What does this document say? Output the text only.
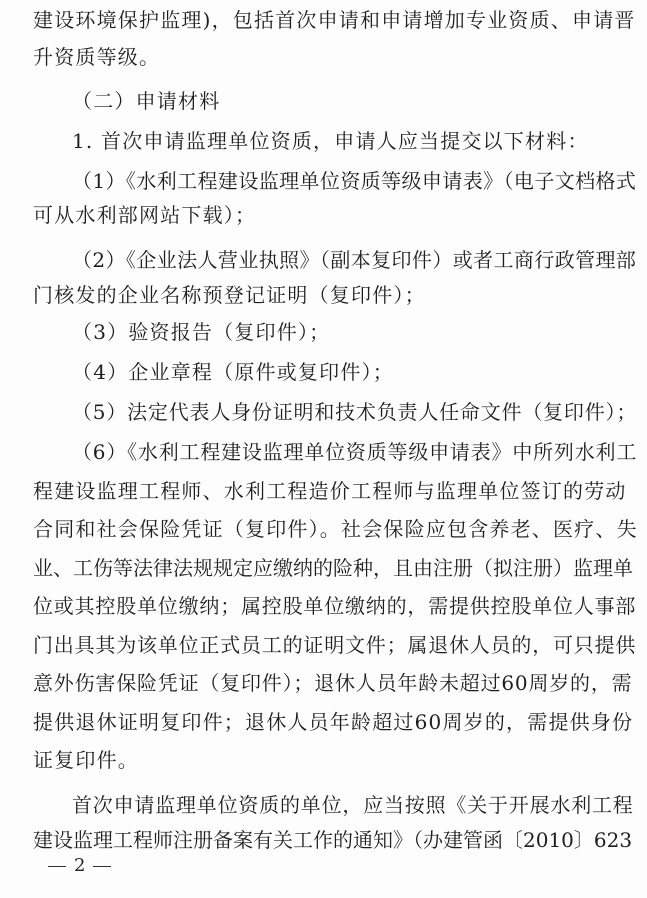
建设环境保护监理)，包括首次申请和申请增加专业资质、申请晋
升资质等级。
（二）申请材料
1. 首次申请监理单位资质，申请人应当提交以下材料：
（1）《水利工程建设监理单位资质等级申请表》（电子文档格式
可从水利部网站下载）；
（2）《企业法人营业执照》（副本复印件）或者工商行政管理部
门核发的企业名称预登记证明（复印件）；
（3）验资报告（复印件）；
（4）企业章程（原件或复印件）；
（5）法定代表人身份证明和技术负责人任命文件（复印件）；
（6）《水利工程建设监理单位资质等级申请表》中所列水利工
程建设监理工程师、水利工程造价工程师与监理单位签订的劳动
合同和社会保险凭证（复印件）。社会保险应包含养老、医疗、失
业、工伤等法律法规规定应缴纳的险种，且由注册（拟注册）监理单
位或其控股单位缴纳；属控股单位缴纳的，需提供控股单位人事部
门出具其为该单位正式员工的证明文件；属退休人员的，可只提供
意外伤害保险凭证（复印件）；退休人员年龄未超过60周岁的，需
提供退休证明复印件；退休人员年龄超过60周岁的，需提供身份
证复印件。
首次申请监理单位资质的单位，应当按照《关于开展水利工程
建设监理工程师注册备案有关工作的通知》（办建管函〔2010〕623
2
